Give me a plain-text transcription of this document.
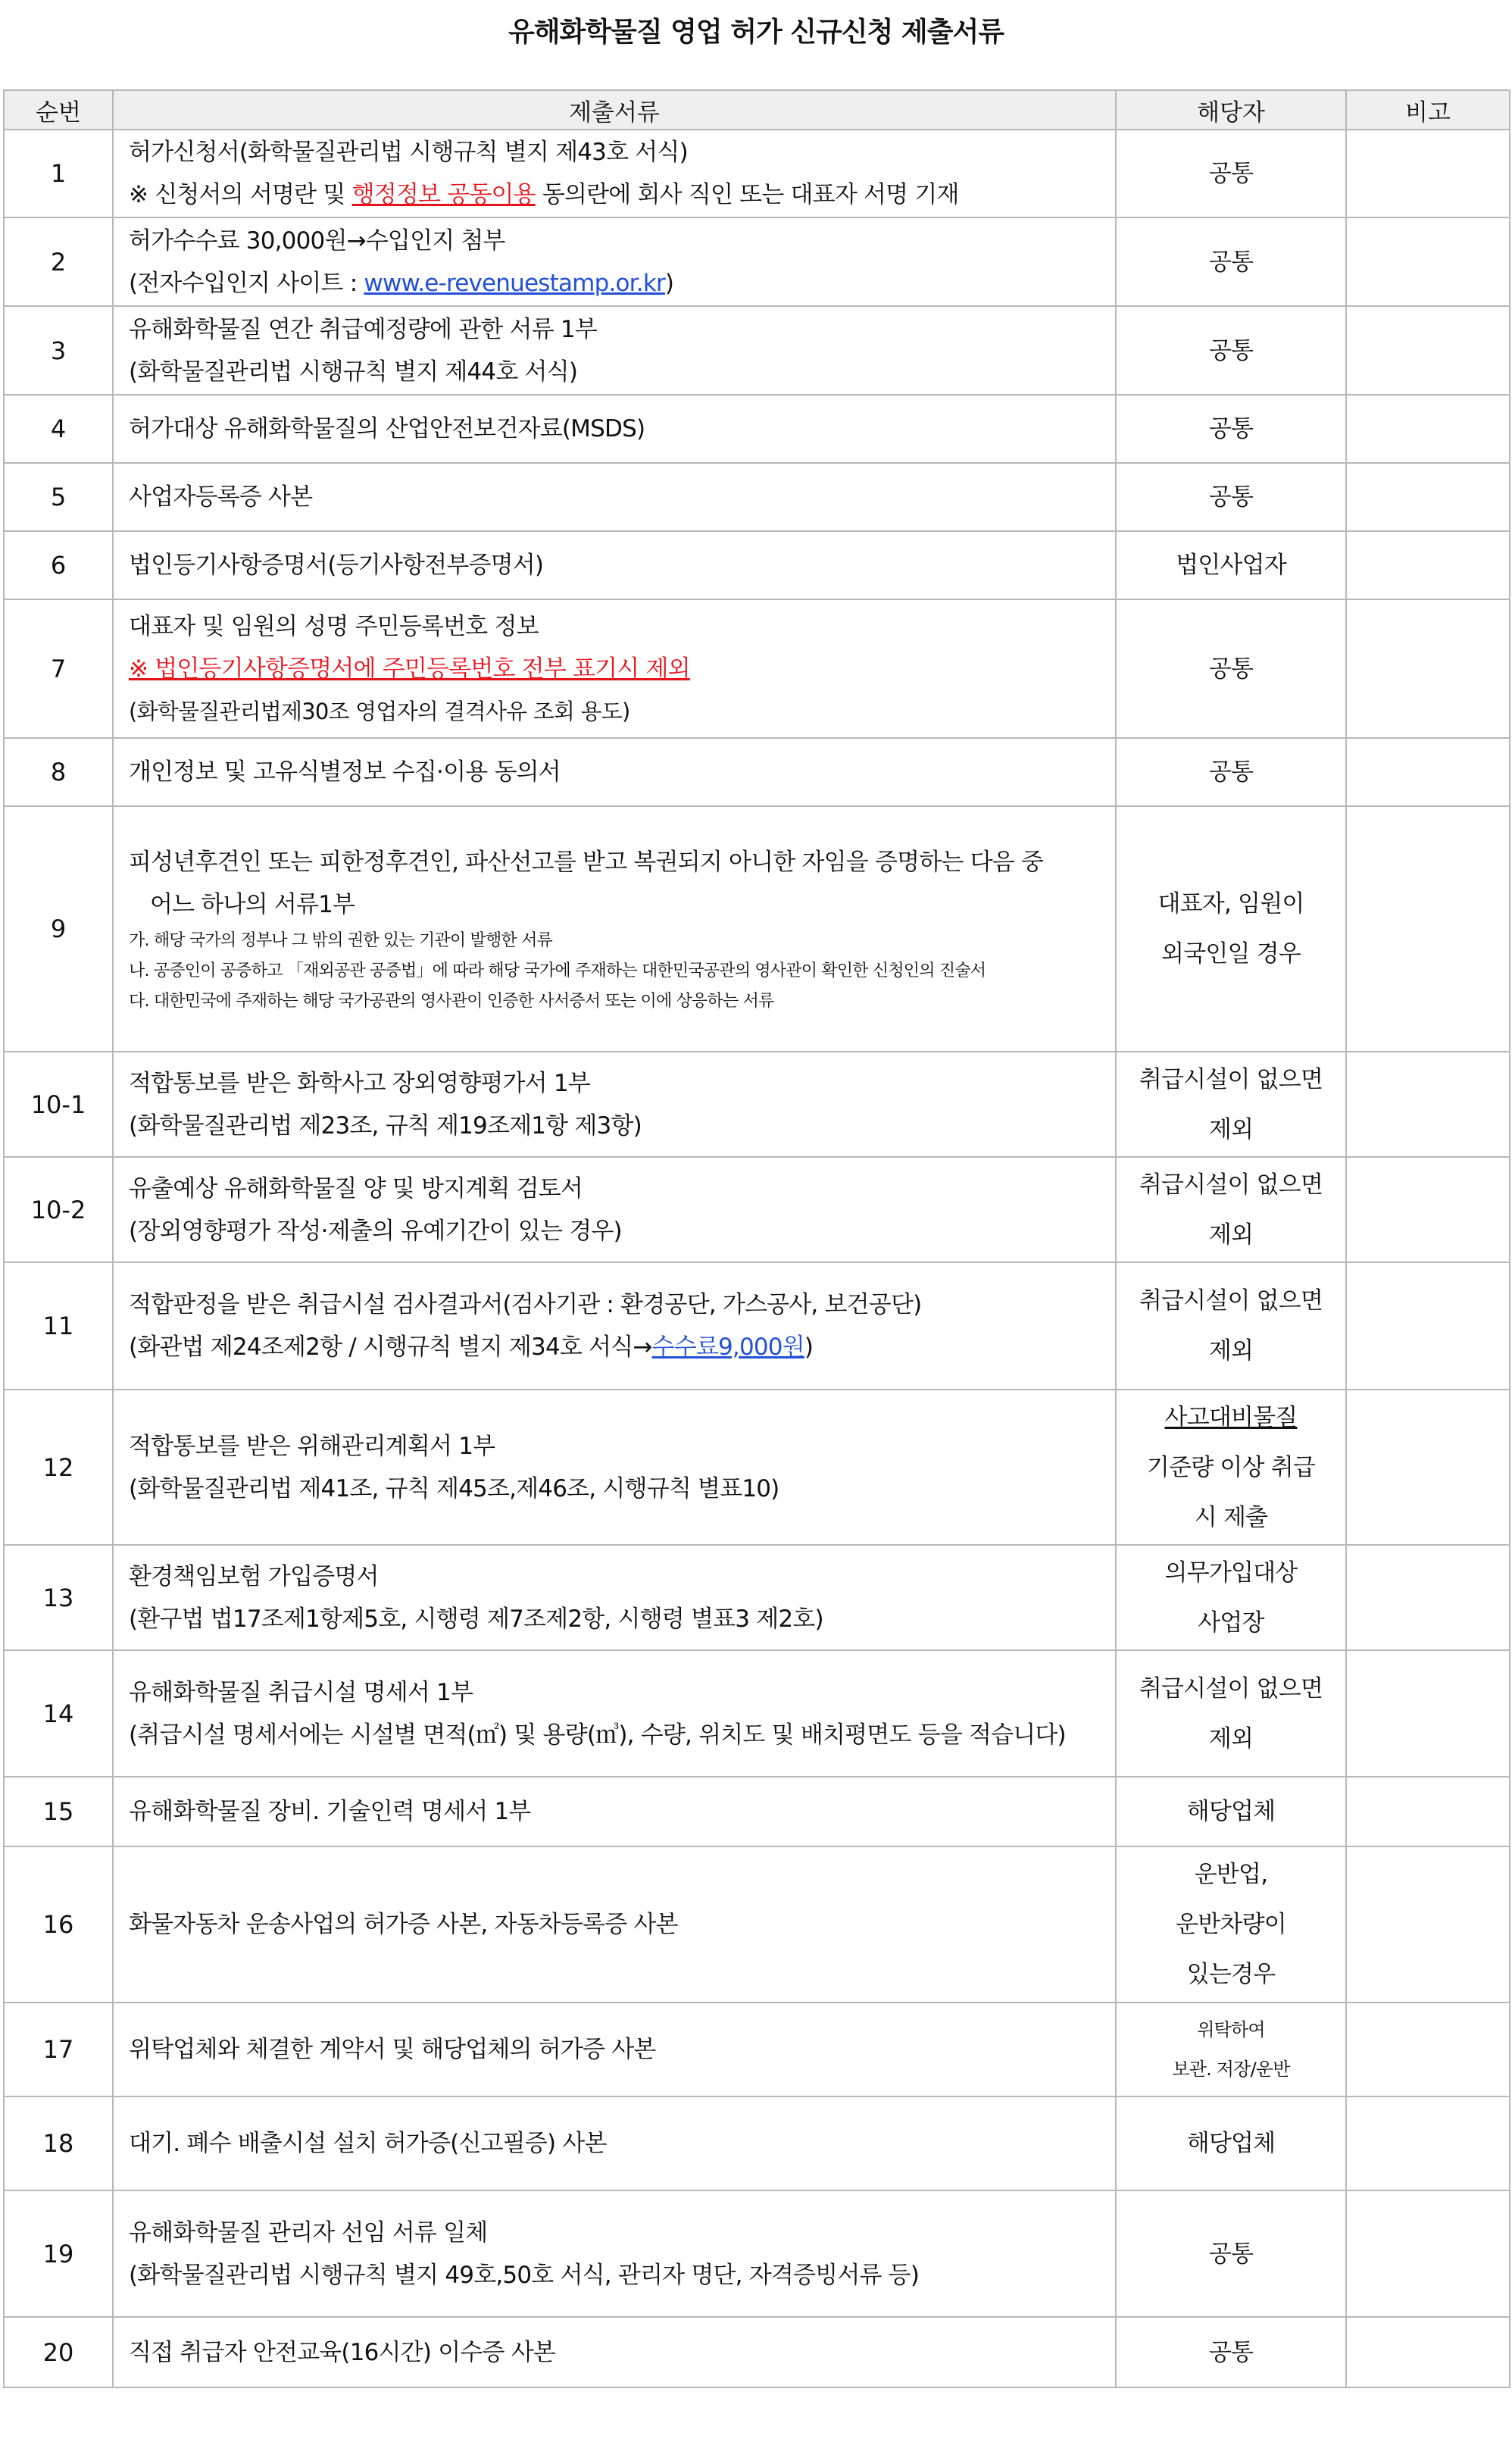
유해화학물질 영업 허가 신규신청 제출서류
순번	제출서류	해당자	비고
1	허가신청서(화학물질관리법 시행규칙 별지 제43호 서식)
※ 신청서의 서명란 및 행정정보 공동이용 동의란에 회사 직인 또는 대표자 서명 기재	공통	
2	허가수수료 30,000원→수입인지 첨부
(전자수입인지 사이트 : www.e-revenuestamp.or.kr)	공통	
3	유해화학물질 연간 취급예정량에 관한 서류 1부
(화학물질관리법 시행규칙 별지 제44호 서식)	공통	
4	허가대상 유해화학물질의 산업안전보건자료(MSDS)	공통	
5	사업자등록증 사본	공통	
6	법인등기사항증명서(등기사항전부증명서)	법인사업자	
7	대표자 및 임원의 성명 주민등록번호 정보
※ 법인등기사항증명서에 주민등록번호 전부 표기시 제외
(화학물질관리법제30조 영업자의 결격사유 조회 용도)	공통	
8	개인정보 및 고유식별정보 수집·이용 동의서	공통	
9	피성년후견인 또는 피한정후견인, 파산선고를 받고 복권되지 아니한 자임을 증명하는 다음 중
어느 하나의 서류1부
가. 해당 국가의 정부나 그 밖의 권한 있는 기관이 발행한 서류
나. 공증인이 공증하고 「재외공관 공증법」에 따라 해당 국가에 주재하는 대한민국공관의 영사관이 확인한 신청인의 진술서
다. 대한민국에 주재하는 해당 국가공관의 영사관이 인증한 사서증서 또는 이에 상응하는 서류	대표자, 임원이
외국인일 경우	

10-1	적합통보를 받은 화학사고 장외영향평가서 1부
(화학물질관리법 제23조, 규칙 제19조제1항 제3항)	취급시설이 없으면
제외	

10-2	유출예상 유해화학물질 양 및 방지계획 검토서
(장외영향평가 작성·제출의 유예기간이 있는 경우)	취급시설이 없으면
제외	

11	적합판정을 받은 취급시설 검사결과서(검사기관 : 환경공단, 가스공사, 보건공단)
(화관법 제24조제2항 / 시행규칙 별지 제34호 서식→수수료9,000원)	취급시설이 없으면
제외	

12	적합통보를 받은 위해관리계획서 1부
(화학물질관리법 제41조, 규칙 제45조,제46조, 시행규칙 별표10)	사고대비물질
기준량 이상 취급
시 제출	

13	환경책임보험 가입증명서
(환구법 법17조제1항제5호, 시행령 제7조제2항, 시행령 별표3 제2호)	의무가입대상
사업장	

14	유해화학물질 취급시설 명세서 1부
(취급시설 명세서에는 시설별 면적(㎡) 및 용량(㎥), 수량, 위치도 및 배치평면도 등을 적습니다)	취급시설이 없으면
제외	

15	유해화학물질 장비. 기술인력 명세서 1부	해당업체	
16	화물자동차 운송사업의 허가증 사본, 자동차등록증 사본	운반업,
운반차량이
있는경우	

17	위탁업체와 체결한 계약서 및 해당업체의 허가증 사본	위탁하여
보관. 저장/운반	

18	대기. 폐수 배출시설 설치 허가증(신고필증) 사본	해당업체	
19	유해화학물질 관리자 선임 서류 일체
(화학물질관리법 시행규칙 별지 49호,50호 서식, 관리자 명단, 자격증빙서류 등)	공통	
20	직접 취급자 안전교육(16시간) 이수증 사본	공통	
